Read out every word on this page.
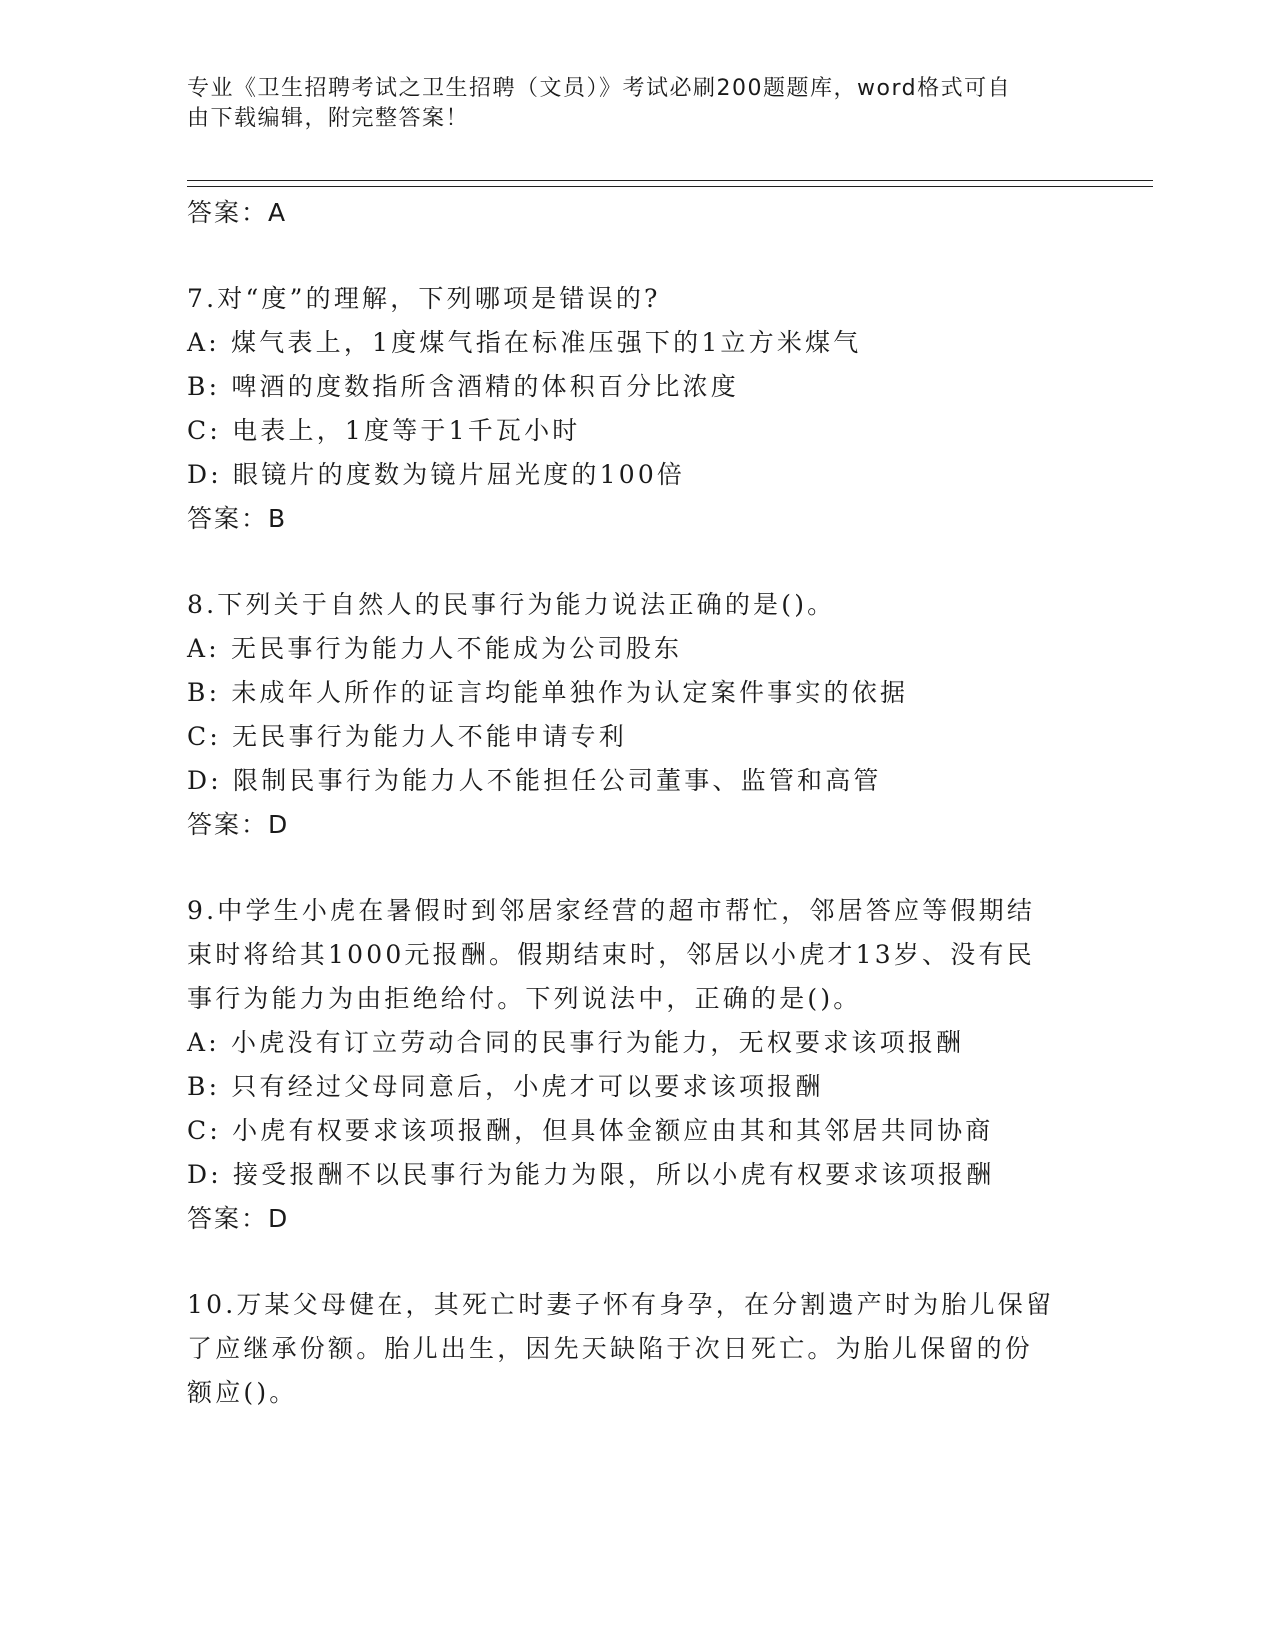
专业《卫生招聘考试之卫生招聘（文员）》考试必刷200题题库，word格式可自
由下载编辑，附完整答案！
答案：A
7.对“度”的理解，下列哪项是错误的?
A: 煤气表上，1度煤气指在标准压强下的1立方米煤气
B: 啤酒的度数指所含酒精的体积百分比浓度
C: 电表上，1度等于1千瓦小时
D: 眼镜片的度数为镜片屈光度的100倍
答案：B
8.下列关于自然人的民事行为能力说法正确的是()。
A: 无民事行为能力人不能成为公司股东
B: 未成年人所作的证言均能单独作为认定案件事实的依据
C: 无民事行为能力人不能申请专利
D: 限制民事行为能力人不能担任公司董事、监管和高管
答案：D
9.中学生小虎在暑假时到邻居家经营的超市帮忙，邻居答应等假期结
束时将给其1000元报酬。假期结束时，邻居以小虎才13岁、没有民
事行为能力为由拒绝给付。下列说法中，正确的是()。
A: 小虎没有订立劳动合同的民事行为能力，无权要求该项报酬
B: 只有经过父母同意后，小虎才可以要求该项报酬
C: 小虎有权要求该项报酬，但具体金额应由其和其邻居共同协商
D: 接受报酬不以民事行为能力为限，所以小虎有权要求该项报酬
答案：D
10.万某父母健在，其死亡时妻子怀有身孕，在分割遗产时为胎儿保留
了应继承份额。胎儿出生，因先天缺陷于次日死亡。为胎儿保留的份
额应()。
